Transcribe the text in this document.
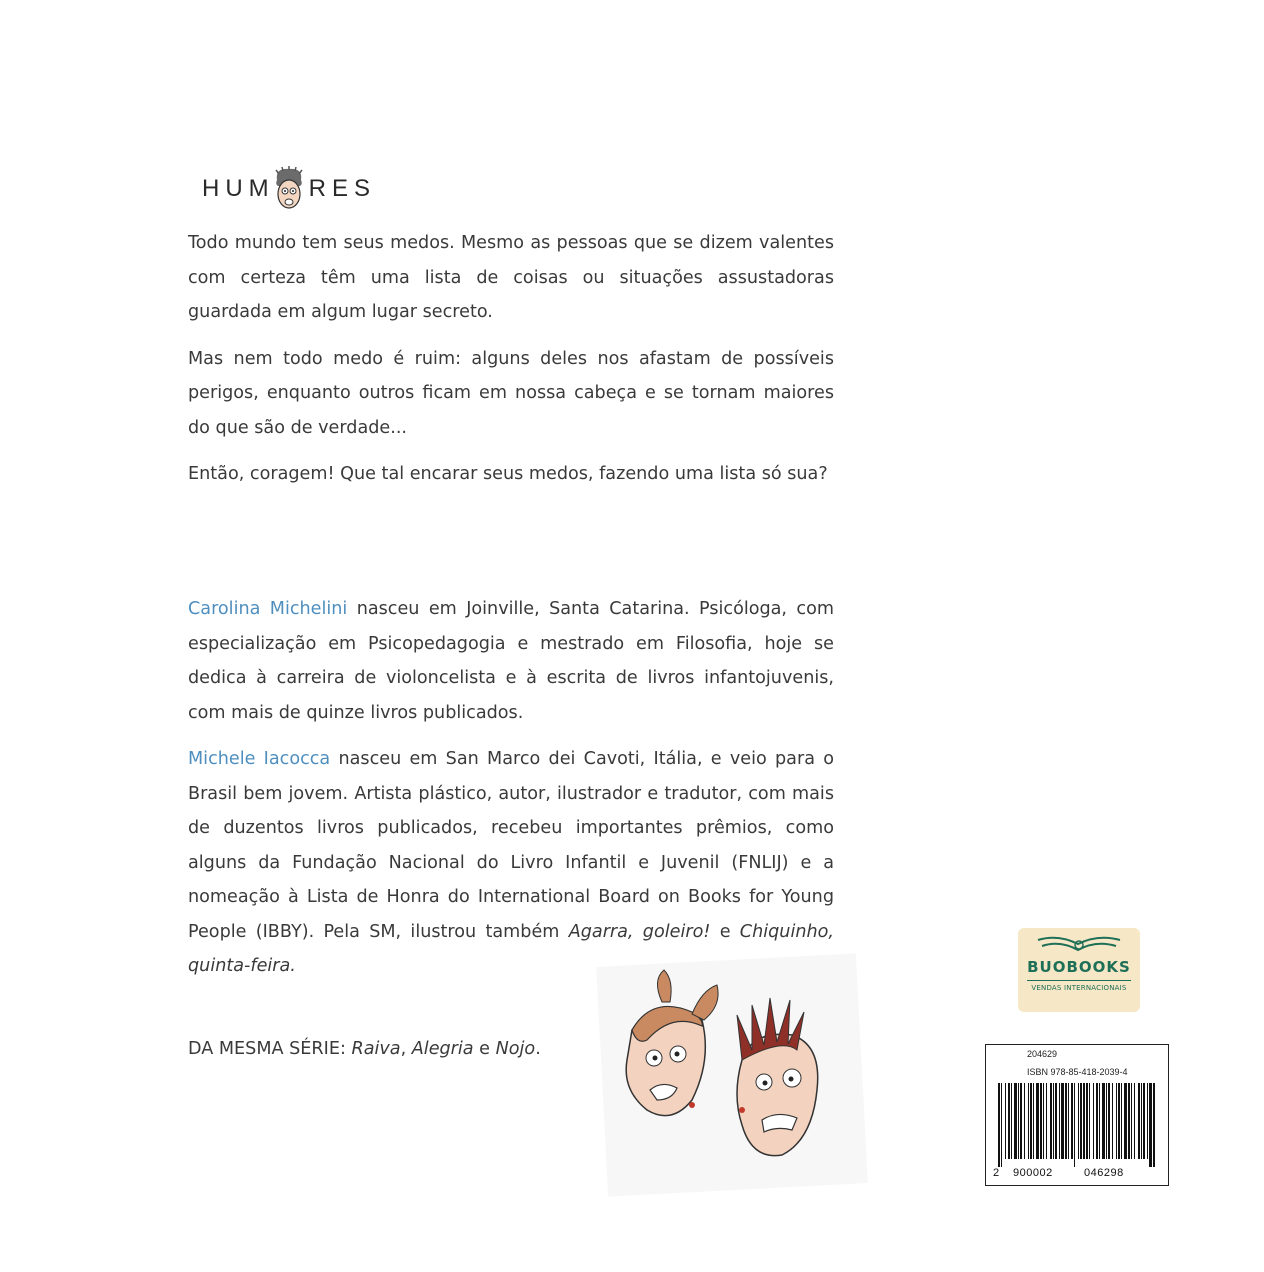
HUM RES

Todo mundo tem seus medos. Mesmo as pessoas que se dizem valentes com certeza têm uma lista de coisas ou situações assustadoras guardada em algum lugar secreto.

Mas nem todo medo é ruim: alguns deles nos afastam de possíveis perigos, enquanto outros ficam em nossa cabeça e se tornam maiores do que são de verdade...

Então, coragem! Que tal encarar seus medos, fazendo uma lista só sua?

Carolina Michelini nasceu em Joinville, Santa Catarina. Psicóloga, com especialização em Psicopedagogia e mestrado em Filosofia, hoje se dedica à carreira de violoncelista e à escrita de livros infantojuvenis, com mais de quinze livros publicados.

Michele Iacocca nasceu em San Marco dei Cavoti, Itália, e veio para o Brasil bem jovem. Artista plástico, autor, ilustrador e tradutor, com mais de duzentos livros publicados, recebeu importantes prêmios, como alguns da Fundação Nacional do Livro Infantil e Juvenil (FNLIJ) e a nomeação à Lista de Honra do International Board on Books for Young People (IBBY). Pela SM, ilustrou também Agarra, goleiro! e Chiquinho, quinta-feira.

DA MESMA SÉRIE: Raiva, Alegria e Nojo.
BUOBOOKS
VENDAS INTERNACIONAIS
204629
ISBN 978-85-418-2039-4
2 900002	046298
